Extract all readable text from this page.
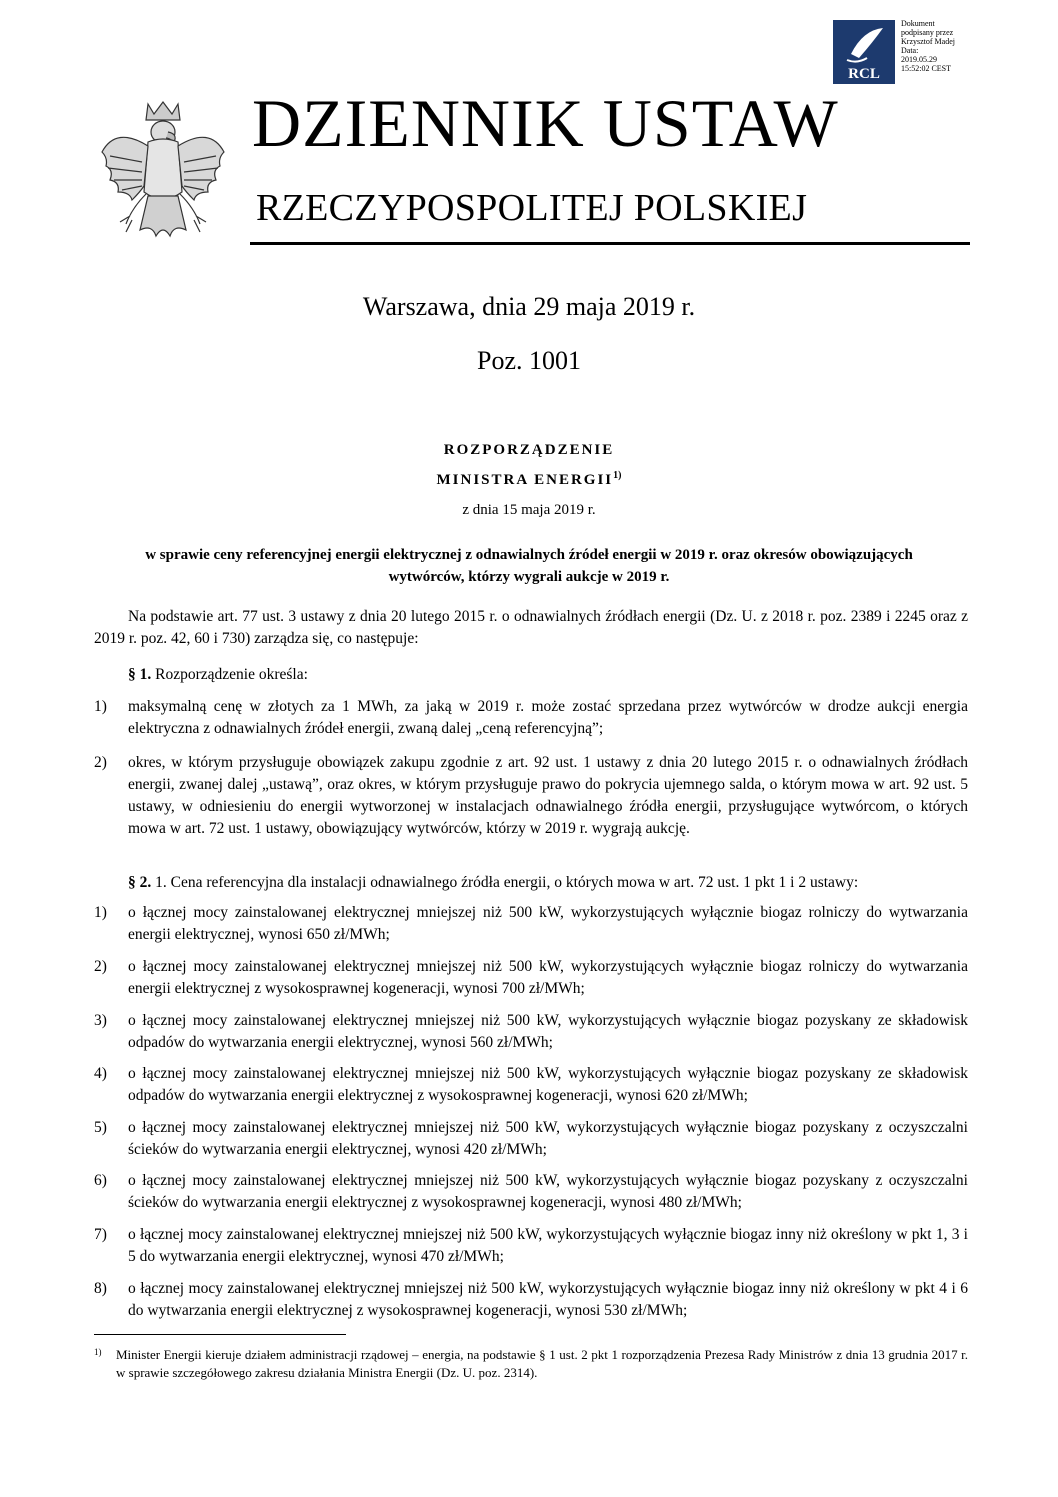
RCL
Dokument
podpisany przez
Krzysztof Madej
Data:
2019.05.29
15:52:02 CEST
DZIENNIK USTAW
RZECZYPOSPOLITEJ POLSKIEJ
Warszawa, dnia 29 maja 2019 r.
Poz. 1001
ROZPORZĄDZENIE
MINISTRA ENERGII$^{1)}$
z dnia 15 maja 2019 r.
w sprawie ceny referencyjnej energii elektrycznej z odnawialnych źródeł energii w 2019 r. oraz okresów obowiązujących wytwórców, którzy wygrali aukcje w 2019 r.

Na podstawie art. 77 ust. 3 ustawy z dnia 20 lutego 2015 r. o odnawialnych źródłach energii (Dz. U. z 2018 r. poz. 2389 i 2245 oraz z 2019 r. poz. 42, 60 i 730) zarządza się, co następuje:

§ 1. Rozporządzenie określa:

1)	maksymalną cenę w złotych za 1 MWh, za jaką w 2019 r. może zostać sprzedana przez wytwórców w drodze aukcji energia elektryczna z odnawialnych źródeł energii, zwaną dalej „ceną referencyjną”;
2)	okres, w którym przysługuje obowiązek zakupu zgodnie z art. 92 ust. 1 ustawy z dnia 20 lutego 2015 r. o odnawialnych źródłach energii, zwanej dalej „ustawą”, oraz okres, w którym przysługuje prawo do pokrycia ujemnego salda, o którym mowa w art. 92 ust. 5 ustawy, w odniesieniu do energii wytworzonej w instalacjach odnawialnego źródła energii, przysługujące wytwórcom, o których mowa w art. 72 ust. 1 ustawy, obowiązujący wytwórców, którzy w 2019 r. wygrają aukcję.

§ 2. 1. Cena referencyjna dla instalacji odnawialnego źródła energii, o których mowa w art. 72 ust. 1 pkt 1 i 2 ustawy:

1)	o łącznej mocy zainstalowanej elektrycznej mniejszej niż 500 kW, wykorzystujących wyłącznie biogaz rolniczy do wytwarzania energii elektrycznej, wynosi 650 zł/MWh;
2)	o łącznej mocy zainstalowanej elektrycznej mniejszej niż 500 kW, wykorzystujących wyłącznie biogaz rolniczy do wytwarzania energii elektrycznej z wysokosprawnej kogeneracji, wynosi 700 zł/MWh;
3)	o łącznej mocy zainstalowanej elektrycznej mniejszej niż 500 kW, wykorzystujących wyłącznie biogaz pozyskany ze składowisk odpadów do wytwarzania energii elektrycznej, wynosi 560 zł/MWh;
4)	o łącznej mocy zainstalowanej elektrycznej mniejszej niż 500 kW, wykorzystujących wyłącznie biogaz pozyskany ze składowisk odpadów do wytwarzania energii elektrycznej z wysokosprawnej kogeneracji, wynosi 620 zł/MWh;
5)	o łącznej mocy zainstalowanej elektrycznej mniejszej niż 500 kW, wykorzystujących wyłącznie biogaz pozyskany z oczyszczalni ścieków do wytwarzania energii elektrycznej, wynosi 420 zł/MWh;
6)	o łącznej mocy zainstalowanej elektrycznej mniejszej niż 500 kW, wykorzystujących wyłącznie biogaz pozyskany z oczyszczalni ścieków do wytwarzania energii elektrycznej z wysokosprawnej kogeneracji, wynosi 480 zł/MWh;
7)	o łącznej mocy zainstalowanej elektrycznej mniejszej niż 500 kW, wykorzystujących wyłącznie biogaz inny niż określony w pkt 1, 3 i 5 do wytwarzania energii elektrycznej, wynosi 470 zł/MWh;
8)	o łącznej mocy zainstalowanej elektrycznej mniejszej niż 500 kW, wykorzystujących wyłącznie biogaz inny niż określony w pkt 4 i 6 do wytwarzania energii elektrycznej z wysokosprawnej kogeneracji, wynosi 530 zł/MWh;
1) Minister Energii kieruje działem administracji rządowej – energia, na podstawie § 1 ust. 2 pkt 1 rozporządzenia Prezesa Rady Ministrów z dnia 13 grudnia 2017 r. w sprawie szczegółowego zakresu działania Ministra Energii (Dz. U. poz. 2314).
